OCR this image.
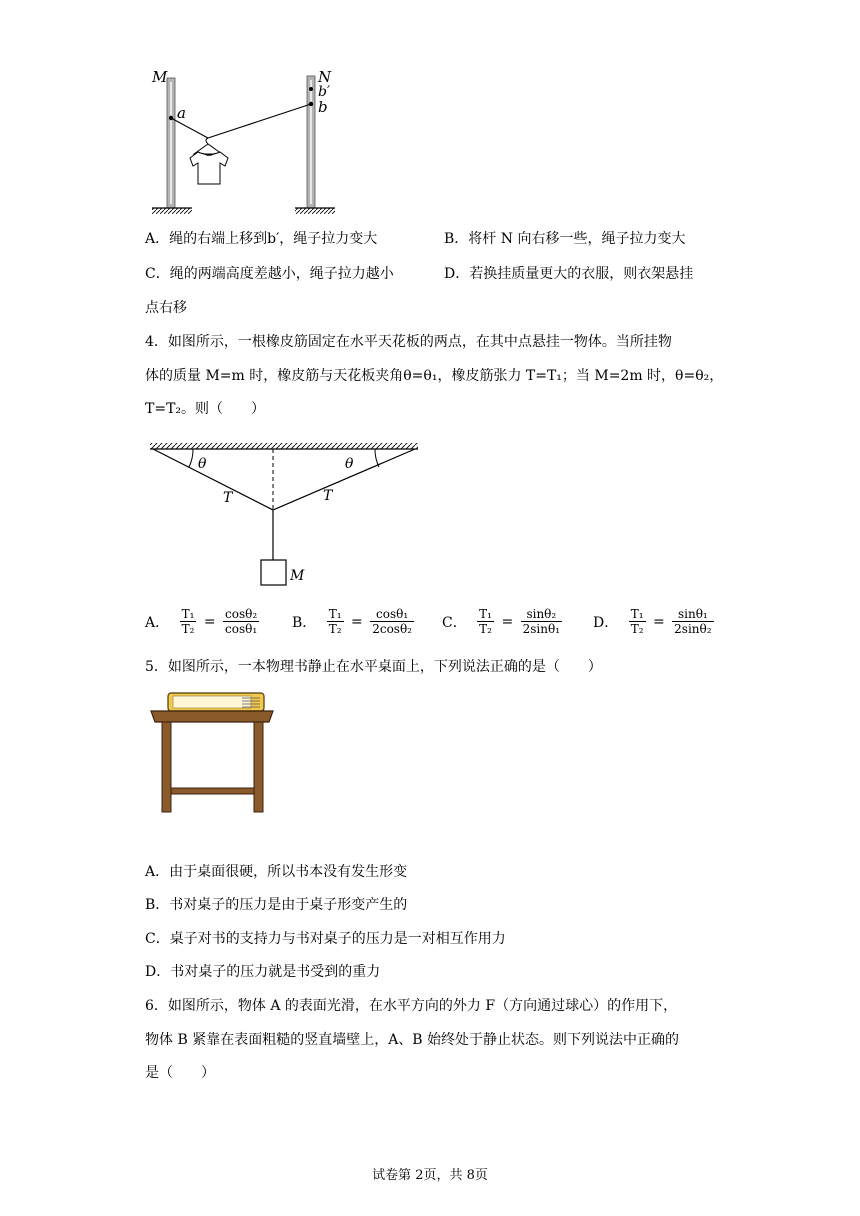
M
a
N
b′
b
A．绳的右端上移到b′，绳子拉力变大	B．将杆 N 向右移一些，绳子拉力变大
C．绳的两端高度差越小，绳子拉力越小	D．若换挂质量更大的衣服，则衣架悬挂
点右移
4．如图所示，一根橡皮筋固定在水平天花板的两点，在其中点悬挂一物体。当所挂物
体的质量 M=m 时，橡皮筋与天花板夹角θ=θ₁，橡皮筋张力 T=T₁；当 M=2m 时，θ=θ₂，
T=T₂。则（　　）
θ	θ
T	T
M
A． $\frac{\text{T₁}}{\text{T₂}} = \frac{\text{cosθ₂}}{\text{cosθ₁}}$ B． $\frac{\text{T₁}}{\text{T₂}} = \frac{\text{cosθ₁}}{\text{2cosθ₂}}$ C． $\frac{\text{T₁}}{\text{T₂}} = \frac{\text{sinθ₂}}{\text{2sinθ₁}}$ D． $\frac{\text{T₁}}{\text{T₂}} = \frac{\text{sinθ₁}}{\text{2sinθ₂}}$
5．如图所示，一本物理书静止在水平桌面上，下列说法正确的是（　　）
A．由于桌面很硬，所以书本没有发生形变
B．书对桌子的压力是由于桌子形变产生的
C．桌子对书的支持力与书对桌子的压力是一对相互作用力
D．书对桌子的压力就是书受到的重力
6．如图所示，物体 A 的表面光滑，在水平方向的外力 F（方向通过球心）的作用下，
物体 B 紧靠在表面粗糙的竖直墙壁上，A、B 始终处于静止状态。则下列说法中正确的
是（　　）
试卷第 2页，共 8页
